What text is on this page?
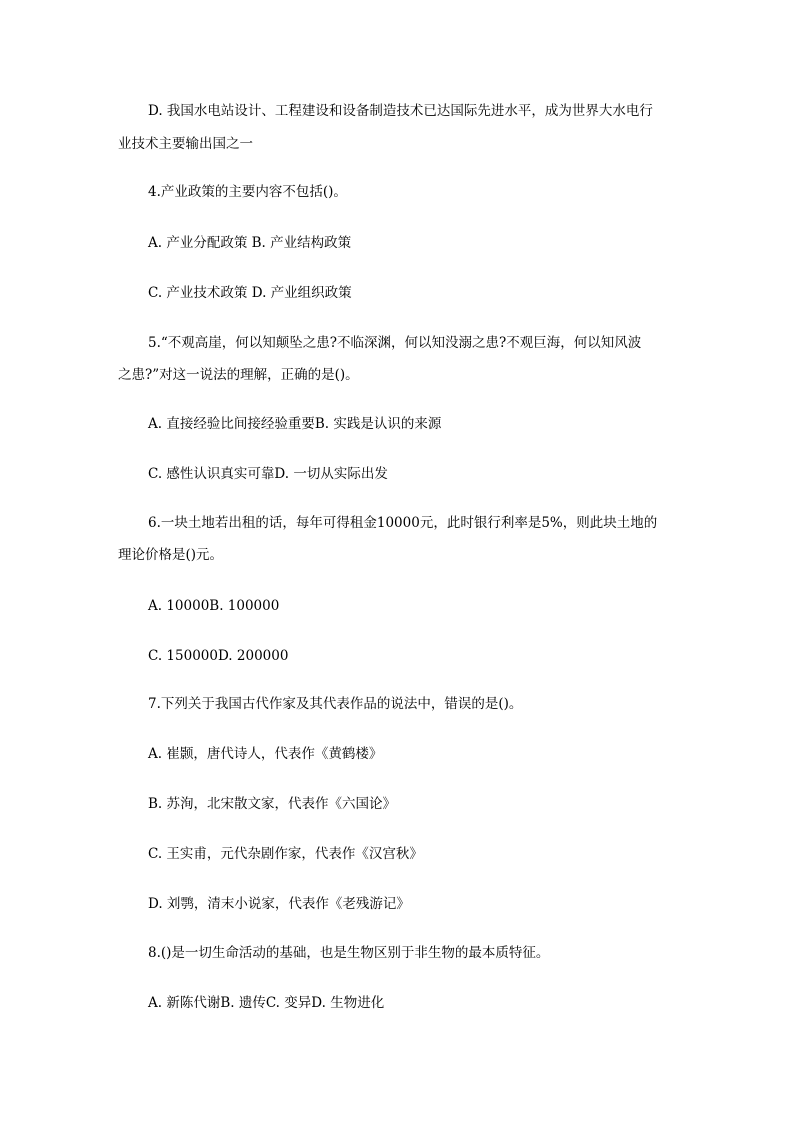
D. 我国水电站设计、工程建设和设备制造技术已达国际先进水平，成为世界大水电行
业技术主要输出国之一
4.产业政策的主要内容不包括()。
A. 产业分配政策 B. 产业结构政策
C. 产业技术政策 D. 产业组织政策
5.“不观高崖，何以知颠坠之患?不临深渊，何以知没溺之患?不观巨海，何以知风波
之患?”对这一说法的理解，正确的是()。
A. 直接经验比间接经验重要B. 实践是认识的来源
C. 感性认识真实可靠D. 一切从实际出发
6.一块土地若出租的话，每年可得租金10000元，此时银行利率是5%，则此块土地的
理论价格是()元。
A. 10000B. 100000
C. 150000D. 200000
7.下列关于我国古代作家及其代表作品的说法中，错误的是()。
A. 崔颢，唐代诗人，代表作《黄鹤楼》
B. 苏洵，北宋散文家，代表作《六国论》
C. 王实甫，元代杂剧作家，代表作《汉宫秋》
D. 刘鹗，清末小说家，代表作《老残游记》
8.()是一切生命活动的基础，也是生物区别于非生物的最本质特征。
A. 新陈代谢B. 遗传C. 变异D. 生物进化
